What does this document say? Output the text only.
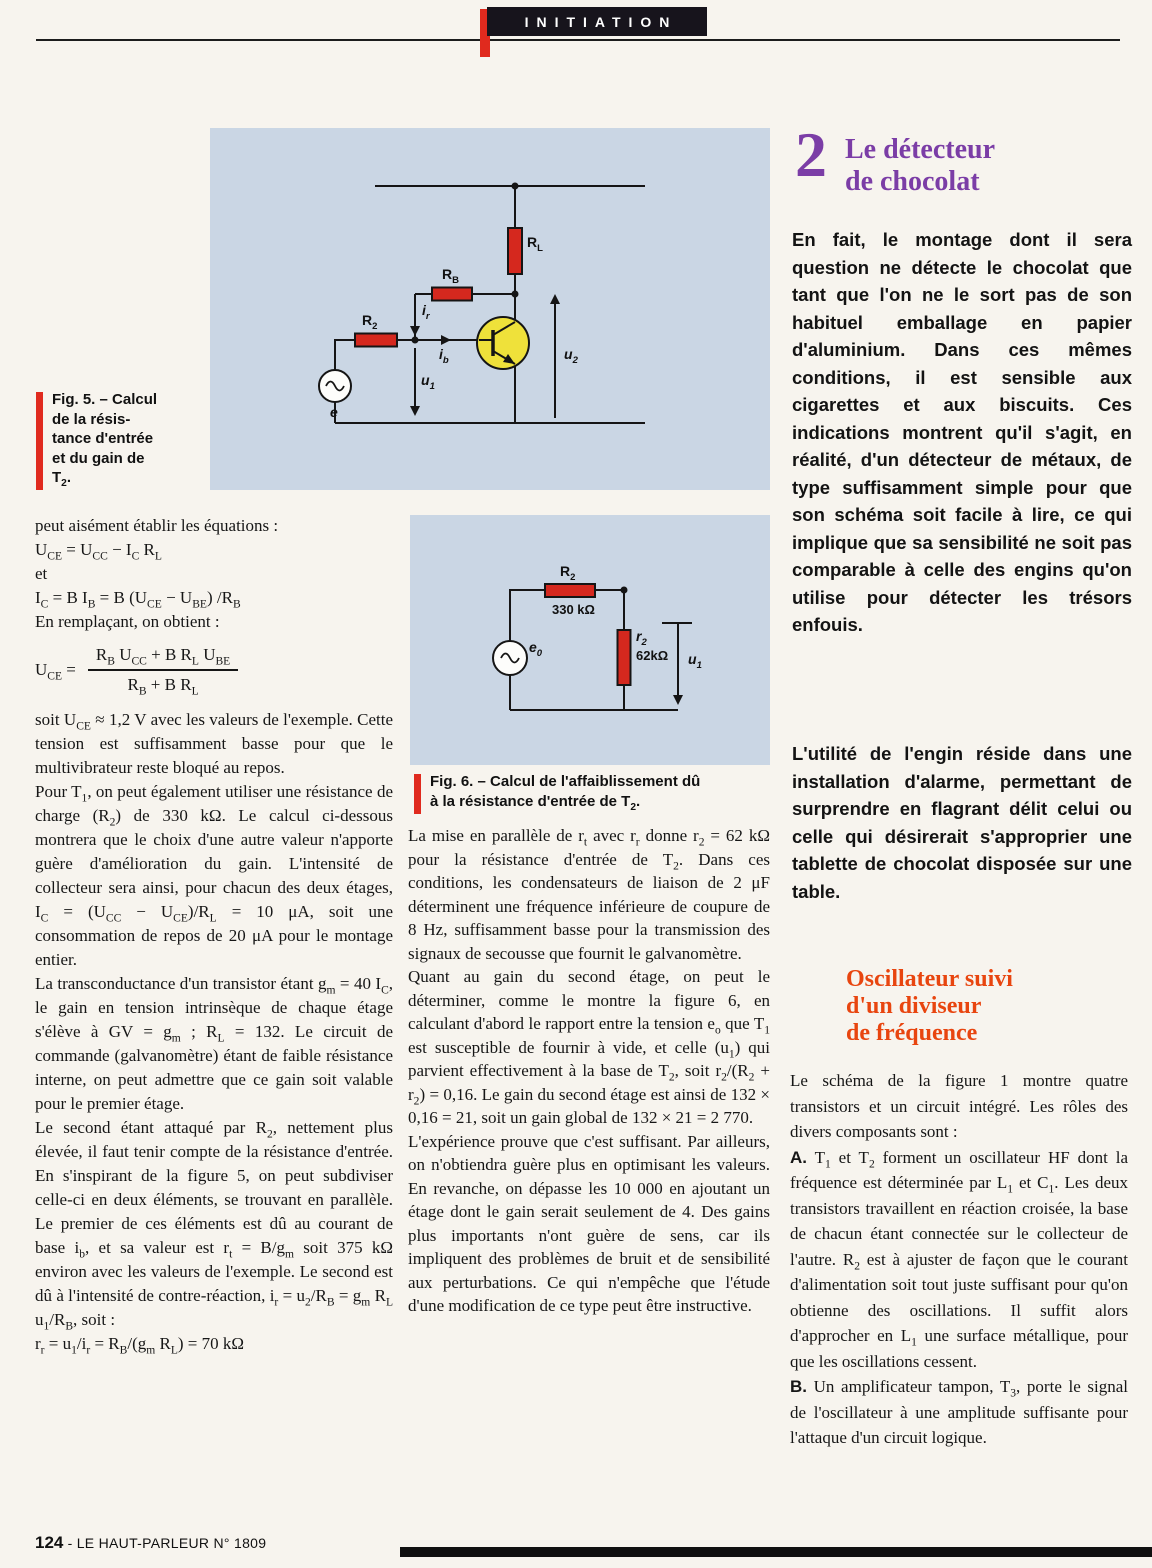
INITIATION
$R_L$
$R_B$
$R_2$
$i_r$
$i_b$
$u_1$
$u_2$
e
Fig. 5. – Calcul
de la résis-
tance d'entrée
et du gain de
$T_2$.

peut aisément établir les équations :

$U_{CE} = U_{CC} - I_C$ $R_L$

et

$I_C = B$ $I_B = B$ $(U_{CE} - U_{BE})$ $/R_B$

En remplaçant, on obtient :

$U_{CE} = \frac{R_B U_{CC} + B R_L U_{BE}}{R_B + B R_L}$

soit $U_{CE} \approx 1,2$ V avec les valeurs de l'exemple. Cette tension est suffisamment basse pour que le multivibrateur reste bloqué au repos.

Pour $T_1$, on peut également utiliser une résistance de charge $(R_2)$ de 330 kΩ. Le calcul ci-dessous montrera que le choix d'une autre valeur n'apporte guère d'amélioration du gain. L'intensité de collecteur sera ainsi, pour chacun des deux étages, $I_C = (U_{CC} - U_{CE})/R_L = 10$ μA, soit une consommation de repos de 20 μA pour le montage entier.

La transconductance d'un transistor étant $g_m = 40$ $I_C$, le gain en tension intrinsèque de chaque étage s'élève à GV = $g_m$ ; $R_L = 132$. Le circuit de commande (galvanomètre) étant de faible résistance interne, on peut admettre que ce gain soit valable pour le premier étage.

Le second étant attaqué par $R_2$, nettement plus élevée, il faut tenir compte de la résistance d'entrée. En s'inspirant de la figure 5, on peut subdiviser celle-ci en deux éléments, se trouvant en parallèle. Le premier de ces éléments est dû au courant de base $i_b$, et sa valeur est $r_t = B/g_m$ soit 375 kΩ environ avec les valeurs de l'exemple. Le second est dû à l'intensité de contre-réaction, $i_r = u_2/R_B = g_m$ $R_L$ $u_1/R_B$, soit :

$r_r = u_1/i_r = R_B/(g_m$ $R_L) = 70$ kΩ

$R_2$
330 kΩ
$e_0$
$r_2$
62kΩ $u_1$
Fig. 6. – Calcul de l'affaiblissement dû
à la résistance d'entrée de $T_2$.

La mise en parallèle de $r_t$ avec $r_r$ donne $r_2 = 62$ kΩ pour la résistance d'entrée de $T_2$. Dans ces conditions, les condensateurs de liaison de 2 μF déterminent une fréquence inférieure de coupure de 8 Hz, suffisamment basse pour la transmission des signaux de secousse que fournit le galvanomètre.

Quant au gain du second étage, on peut le déterminer, comme le montre la figure 6, en calculant d'abord le rapport entre la tension $e_o$ que $T_1$ est susceptible de fournir à vide, et celle $(u_1)$ qui parvient effectivement à la base de $T_2$, soit $r_2/(R_2 + r_2) = 0,16$. Le gain du second étage est ainsi de 132 × 0,16 = 21, soit un gain global de 132 × 21 = 2 770.

L'expérience prouve que c'est suffisant. Par ailleurs, on n'obtiendra guère plus en optimisant les valeurs. En revanche, on dépasse les 10 000 en ajoutant un étage dont le gain serait seulement de 4. Des gains plus importants n'ont guère de sens, car ils impliquent des problèmes de bruit et de sensibilité aux perturbations. Ce qui n'empêche que l'étude d'une modification de ce type peut être instructive.

2 Le détecteur
de chocolat
En fait, le montage dont il sera question ne détecte le chocolat que tant que l'on ne le sort pas de son habituel emballage en papier d'aluminium. Dans ces mêmes conditions, il est sensible aux cigarettes et aux biscuits. Ces indications montrent qu'il s'agit, en réalité, d'un détecteur de métaux, de type suffisamment simple pour que son schéma soit facile à lire, ce qui implique que sa sensibilité ne soit pas comparable à celle des engins qu'on utilise pour détecter les trésors enfouis.
L'utilité de l'engin réside dans une installation d'alarme, permettant de surprendre en flagrant délit celui ou celle qui désirerait s'approprier une tablette de chocolat disposée sur une table.
Oscillateur suivi
d'un diviseur
de fréquence

Le schéma de la figure 1 montre quatre transistors et un circuit intégré. Les rôles des divers composants sont :

A. $T_1$ et $T_2$ forment un oscillateur HF dont la fréquence est déterminée par $L_1$ et $C_1$. Les deux transistors travaillent en réaction croisée, la base de chacun étant connectée sur le collecteur de l'autre. $R_2$ est à ajuster de façon que le courant d'alimentation soit tout juste suffisant pour qu'on obtienne des oscillations. Il suffit alors d'approcher en $L_1$ une surface métallique, pour que les oscillations cessent.

B. Un amplificateur tampon, $T_3$, porte le signal de l'oscillateur à une amplitude suffisante pour l'attaque d'un circuit logique.

124 - LE HAUT-PARLEUR N° 1809
